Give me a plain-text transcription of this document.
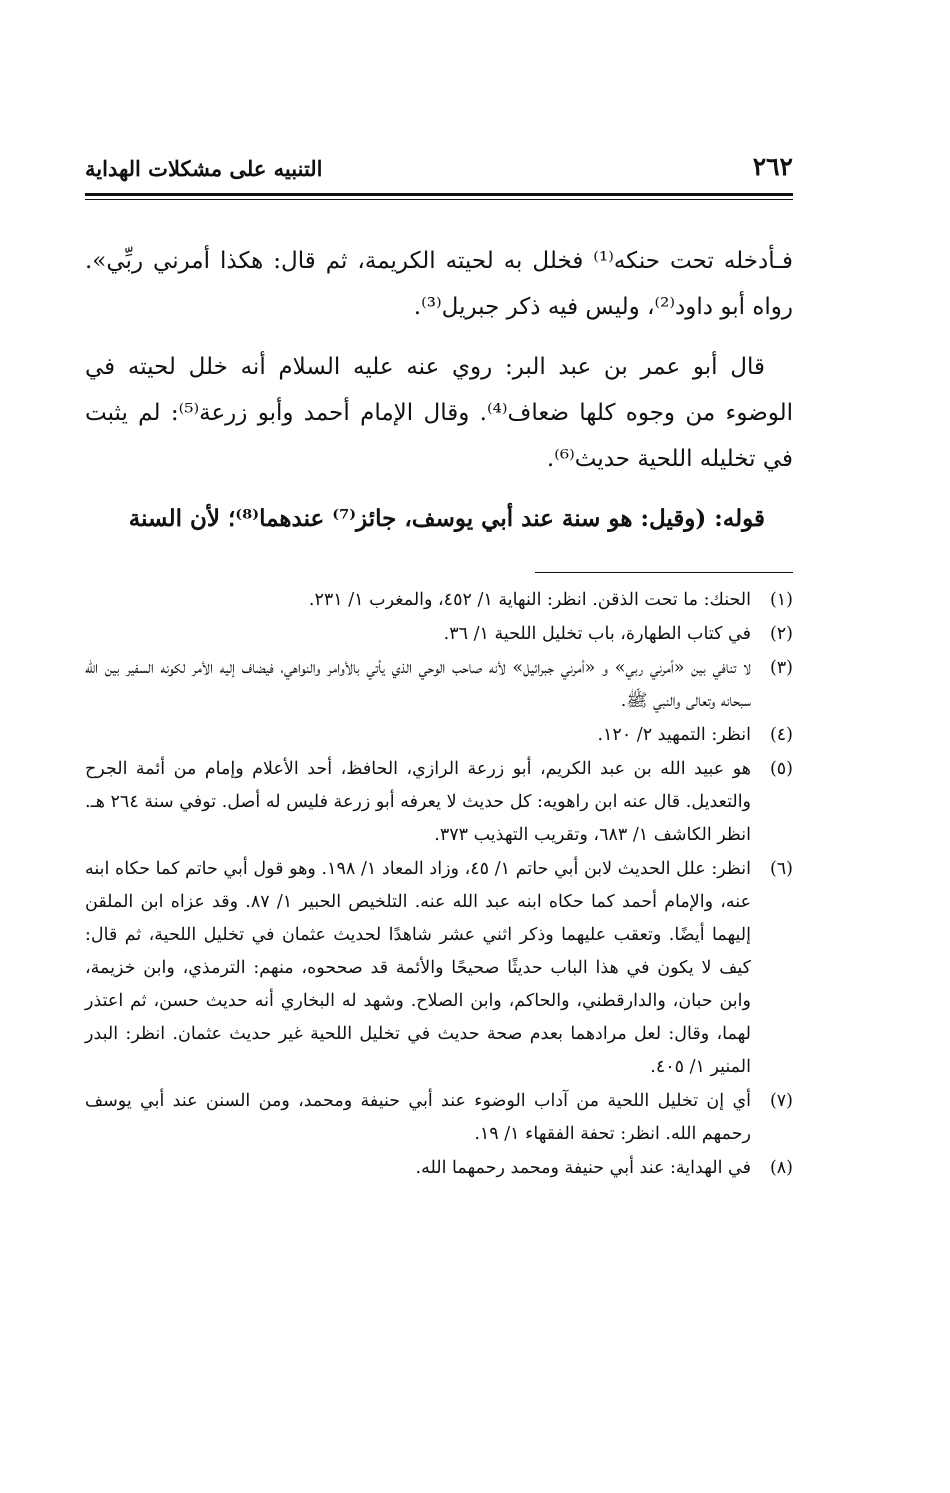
٢٦٢
التنبيه على مشكلات الهداية

فـأدخله تحت حنكه⁽¹⁾ فخلل به لحيته الكريمة، ثم قال: هكذا أمرني ربِّي». رواه أبو داود⁽²⁾، وليس فيه ذكر جبريل⁽³⁾.

قال أبو عمر بن عبد البر: روي عنه عليه السلام أنه خلل لحيته في الوضوء من وجوه كلها ضعاف⁽⁴⁾. وقال الإمام أحمد وأبو زرعة⁽⁵⁾: لم يثبت في تخليله اللحية حديث⁽⁶⁾.

قوله: (وقيل: هو سنة عند أبي يوسف، جائز⁽⁷⁾ عندهما⁽⁸⁾؛ لأن السنة

(١)
الحنك: ما تحت الذقن. انظر: النهاية ١/ ٤٥٢، والمغرب ١/ ٢٣١.
(٢)
في كتاب الطهارة، باب تخليل اللحية ١/ ٣٦.
(٣)
لا تنافي بين «أمرني ربي» و «أمرني جبرائيل» لأنه صاحب الوحي الذي يأتي بالأوامر والنواهي، فيضاف إليه الأمر لكونه السفير بين الله سبحانه وتعالى والنبي ﷺ.
(٤)
انظر: التمهيد ٢/ ١٢٠.
(٥)
هو عبيد الله بن عبد الكريم، أبو زرعة الرازي، الحافظ، أحد الأعلام وإمام من أئمة الجرح والتعديل. قال عنه ابن راهويه: كل حديث لا يعرفه أبو زرعة فليس له أصل. توفي سنة ٢٦٤ هـ. انظر الكاشف ١/ ٦٨٣، وتقريب التهذيب ٣٧٣.
(٦)
انظر: علل الحديث لابن أبي حاتم ١/ ٤٥، وزاد المعاد ١/ ١٩٨. وهو قول أبي حاتم كما حكاه ابنه عنه، والإمام أحمد كما حكاه ابنه عبد الله عنه. التلخيص الحبير ١/ ٨٧. وقد عزاه ابن الملقن إليهما أيضًا. وتعقب عليهما وذكر اثني عشر شاهدًا لحديث عثمان في تخليل اللحية، ثم قال: كيف لا يكون في هذا الباب حديثًا صحيحًا والأئمة قد صححوه، منهم: الترمذي، وابن خزيمة، وابن حبان، والدارقطني، والحاكم، وابن الصلاح. وشهد له البخاري أنه حديث حسن، ثم اعتذر لهما، وقال: لعل مرادهما بعدم صحة حديث في تخليل اللحية غير حديث عثمان. انظر: البدر المنير ١/ ٤٠٥.
(٧)
أي إن تخليل اللحية من آداب الوضوء عند أبي حنيفة ومحمد، ومن السنن عند أبي يوسف رحمهم الله. انظر: تحفة الفقهاء ١/ ١٩.
(٨)
في الهداية: عند أبي حنيفة ومحمد رحمهما الله.
